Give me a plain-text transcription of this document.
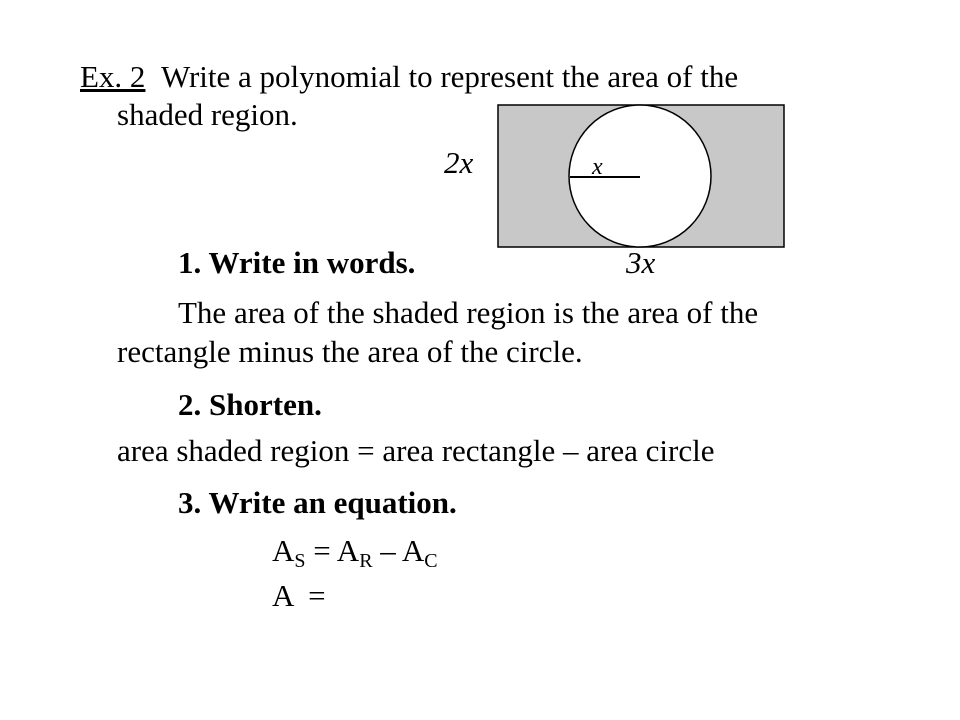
Ex. 2 Write a polynomial to represent the area of the
shaded region.
2x	x
3x
1. Write in words.
The area of the shaded region is the area of the
rectangle minus the area of the circle.
2. Shorten.
area shaded region = area rectangle – area circle
3. Write an equation.
$A_S = A_R - A_C$
A  =
